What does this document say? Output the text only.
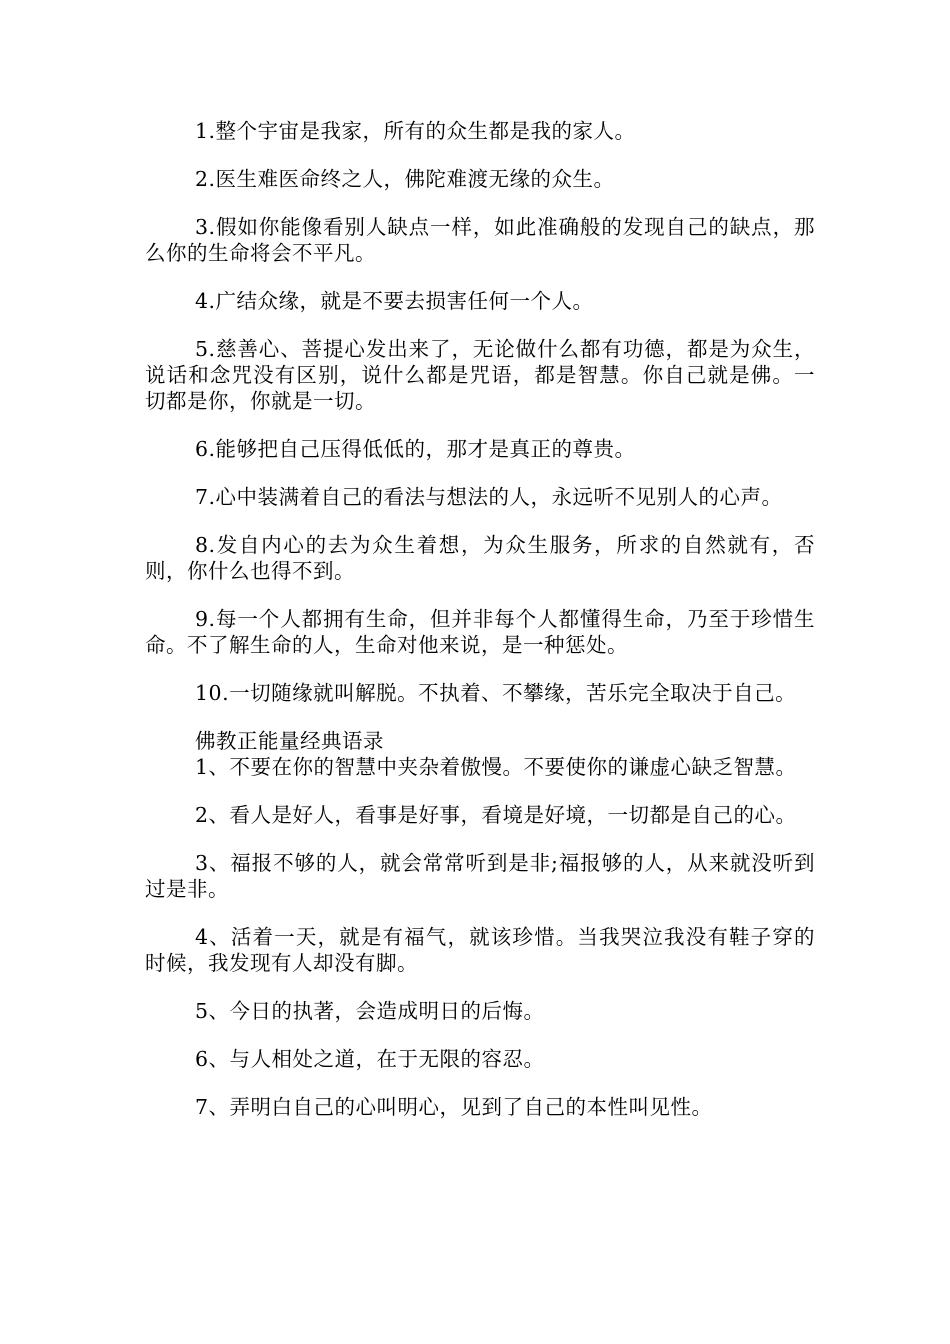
1.整个宇宙是我家，所有的众生都是我的家人。

2.医生难医命终之人，佛陀难渡无缘的众生。

3.假如你能像看别人缺点一样，如此准确般的发现自己的缺点，那么你的生命将会不平凡。

4.广结众缘，就是不要去损害任何一个人。

5.慈善心、菩提心发出来了，无论做什么都有功德，都是为众生，说话和念咒没有区别，说什么都是咒语，都是智慧。你自己就是佛。一切都是你，你就是一切。

6.能够把自己压得低低的，那才是真正的尊贵。

7.心中装满着自己的看法与想法的人，永远听不见别人的心声。

8.发自内心的去为众生着想，为众生服务，所求的自然就有，否则，你什么也得不到。

9.每一个人都拥有生命，但并非每个人都懂得生命，乃至于珍惜生命。不了解生命的人，生命对他来说，是一种惩处。

10.一切随缘就叫解脱。不执着、不攀缘，苦乐完全取决于自己。

佛教正能量经典语录

1、不要在你的智慧中夹杂着傲慢。不要使你的谦虚心缺乏智慧。

2、看人是好人，看事是好事，看境是好境，一切都是自己的心。

3、福报不够的人，就会常常听到是非;福报够的人，从来就没听到过是非。

4、活着一天，就是有福气，就该珍惜。当我哭泣我没有鞋子穿的时候，我发现有人却没有脚。

5、今日的执著，会造成明日的后悔。

6、与人相处之道，在于无限的容忍。

7、弄明白自己的心叫明心，见到了自己的本性叫见性。
